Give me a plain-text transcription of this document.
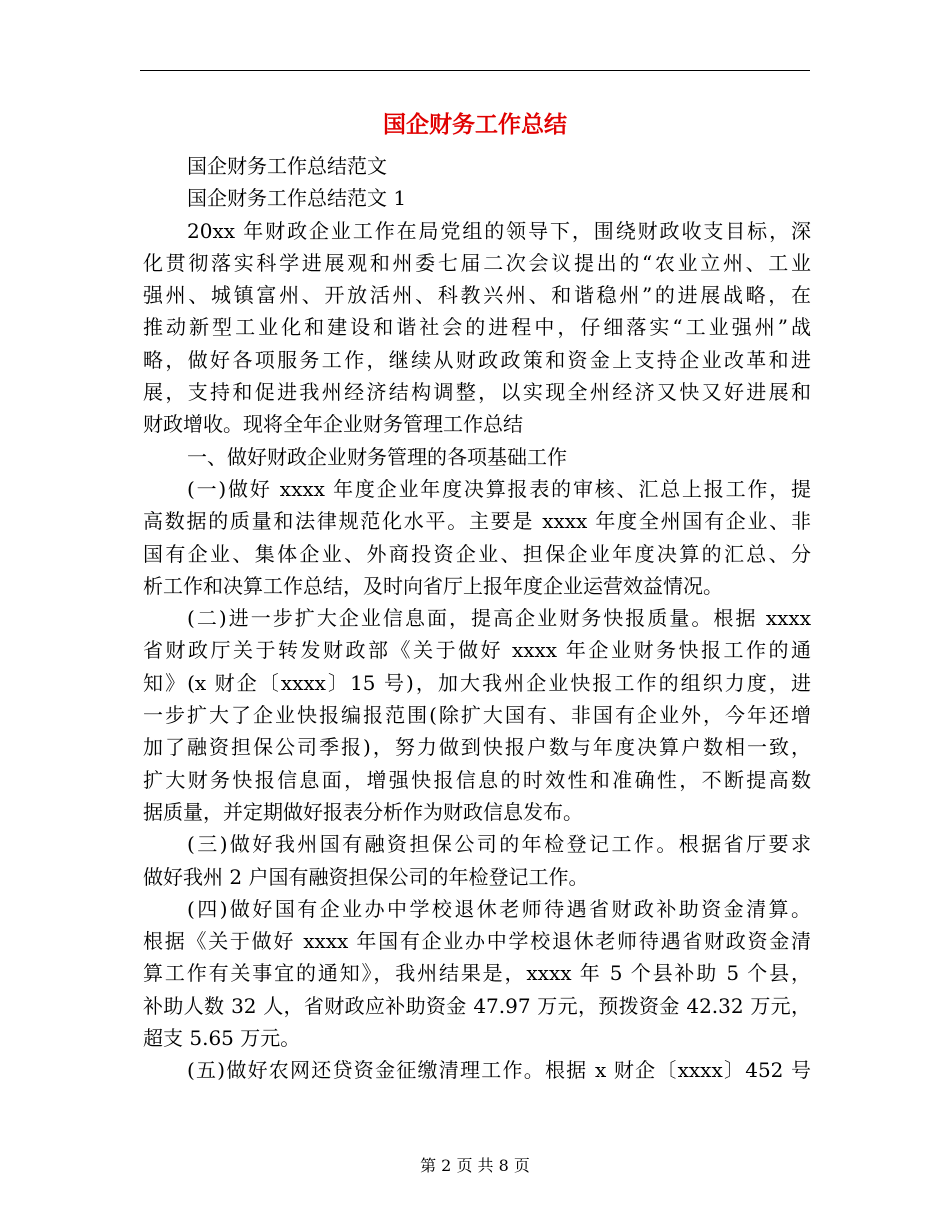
国企财务工作总结
国企财务工作总结范文
国企财务工作总结范文 1
20xx 年财政企业工作在局党组的领导下，围绕财政收支目标，深
化贯彻落实科学进展观和州委七届二次会议提出的“农业立州、工业
强州、城镇富州、开放活州、科教兴州、和谐稳州”的进展战略，在
推动新型工业化和建设和谐社会的进程中，仔细落实“工业强州”战
略，做好各项服务工作，继续从财政政策和资金上支持企业改革和进
展，支持和促进我州经济结构调整，以实现全州经济又快又好进展和
财政增收。现将全年企业财务管理工作总结
一、做好财政企业财务管理的各项基础工作
(一)做好 xxxx 年度企业年度决算报表的审核、汇总上报工作，提
高数据的质量和法律规范化水平。主要是 xxxx 年度全州国有企业、非
国有企业、集体企业、外商投资企业、担保企业年度决算的汇总、分
析工作和决算工作总结，及时向省厅上报年度企业运营效益情况。
(二)进一步扩大企业信息面，提高企业财务快报质量。根据 xxxx
省财政厅关于转发财政部《关于做好 xxxx 年企业财务快报工作的通
知》(x 财企〔xxxx〕15 号)，加大我州企业快报工作的组织力度，进
一步扩大了企业快报编报范围(除扩大国有、非国有企业外，今年还增
加了融资担保公司季报)，努力做到快报户数与年度决算户数相一致，
扩大财务快报信息面，增强快报信息的时效性和准确性，不断提高数
据质量，并定期做好报表分析作为财政信息发布。
(三)做好我州国有融资担保公司的年检登记工作。根据省厅要求
做好我州 2 户国有融资担保公司的年检登记工作。
(四)做好国有企业办中学校退休老师待遇省财政补助资金清算。
根据《关于做好 xxxx 年国有企业办中学校退休老师待遇省财政资金清
算工作有关事宜的通知》，我州结果是，xxxx 年 5 个县补助 5 个县，
补助人数 32 人，省财政应补助资金 47.97 万元，预拨资金 42.32 万元，
超支 5.65 万元。
(五)做好农网还贷资金征缴清理工作。根据 x 财企〔xxxx〕452 号
第 2 页 共 8 页
